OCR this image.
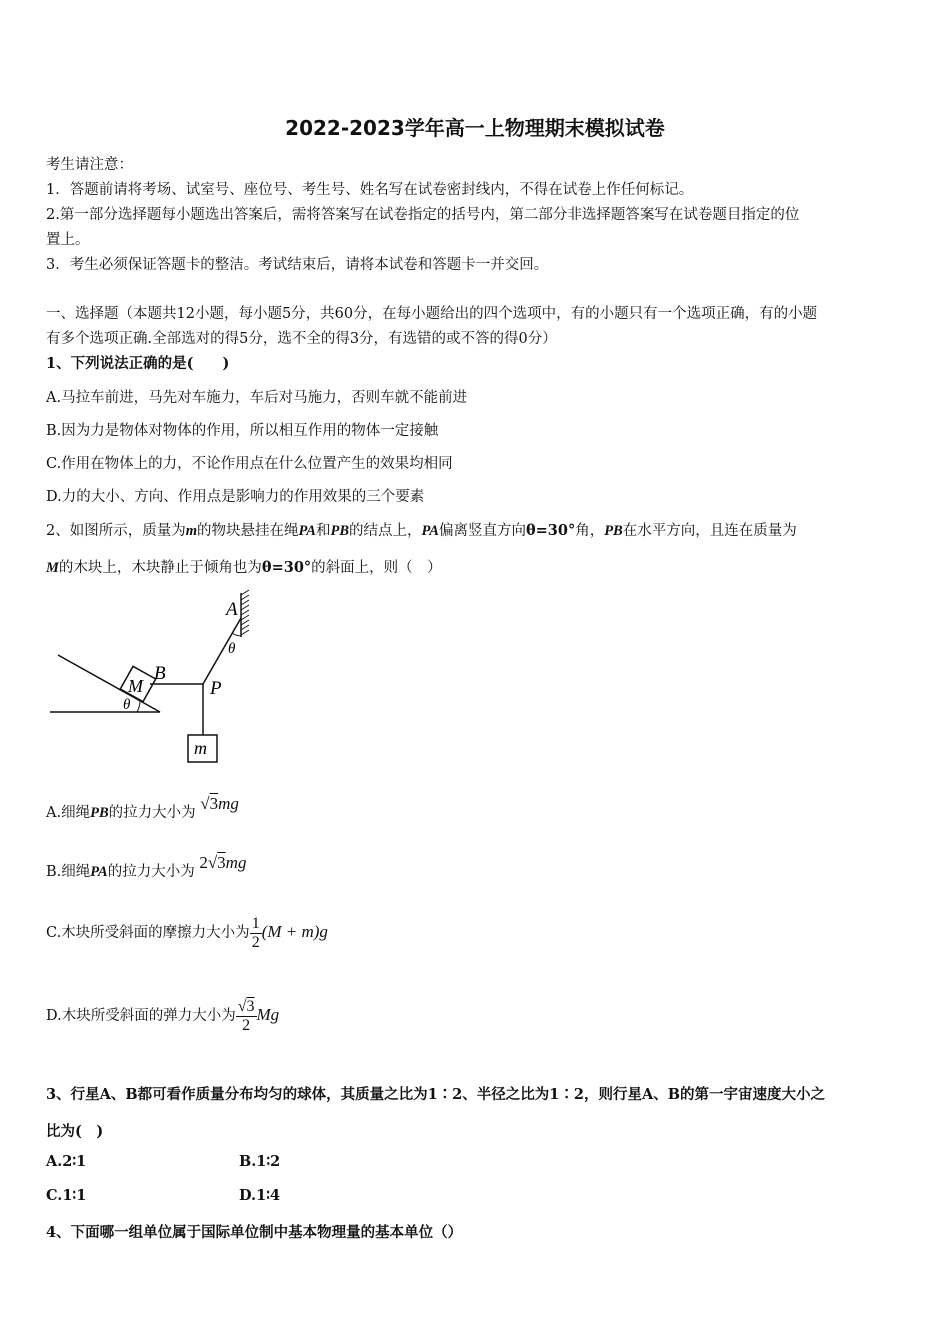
2022-2023学年高一上物理期末模拟试卷
考生请注意：
1．答题前请将考场、试室号、座位号、考生号、姓名写在试卷密封线内，不得在试卷上作任何标记。
2.第一部分选择题每小题选出答案后，需将答案写在试卷指定的括号内，第二部分非选择题答案写在试卷题目指定的位
置上。
3．考生必须保证答题卡的整洁。考试结束后，请将本试卷和答题卡一并交回。
一、选择题（本题共12小题，每小题5分，共60分，在每小题给出的四个选项中，有的小题只有一个选项正确，有的小题
有多个选项正确.全部选对的得5分，选不全的得3分，有选错的或不答的得0分）
1、下列说法正确的是(　　)
A.马拉车前进，马先对车施力，车后对马施力，否则车就不能前进
B.因为力是物体对物体的作用，所以相互作用的物体一定接触
C.作用在物体上的力，不论作用点在什么位置产生的效果均相同
D.力的大小、方向、作用点是影响力的作用效果的三个要素
2、如图所示，质量为m的物块悬挂在绳PA和PB的结点上，PA偏离竖直方向θ=30°角，PB在水平方向，且连在质量为
M的木块上，木块静止于倾角也为θ=30°的斜面上，则（　）
θ
M
B
A
θ
P
m
A.细绳PB的拉力大小为 √3mg
B.细绳PA的拉力大小为 2√3mg
C.木块所受斜面的摩擦力大小为 $\frac{1}{2} (M + m)g$
D.木块所受斜面的弹力大小为 $\frac{√3}{2}$ Mg
3、行星A、B都可看作质量分布均匀的球体，其质量之比为1∶2、半径之比为1∶2，则行星A、B的第一宇宙速度大小之
比为(　)
A.2∶1	B.1∶2
C.1∶1	D.1∶4
4、下面哪一组单位属于国际单位制中基本物理量的基本单位（）
